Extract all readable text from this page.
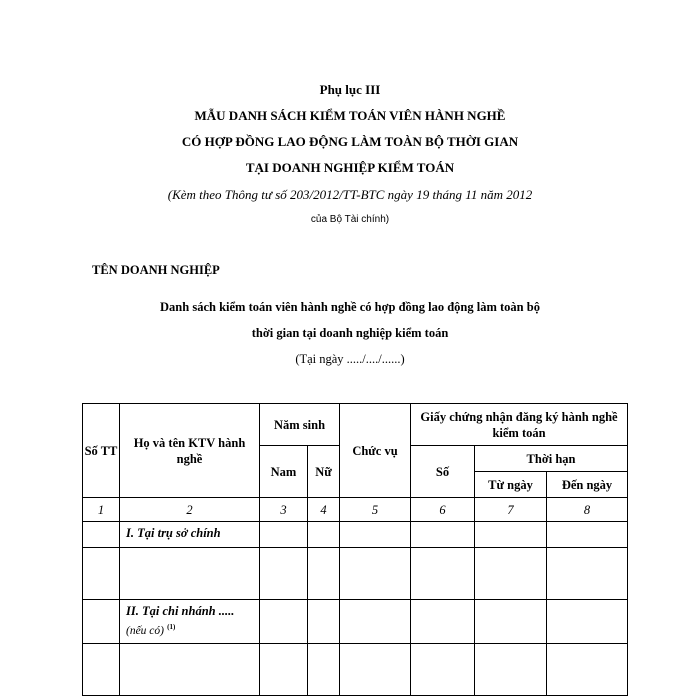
Phụ lục III
MẪU DANH SÁCH KIỂM TOÁN VIÊN HÀNH NGHỀ
CÓ HỢP ĐỒNG LAO ĐỘNG LÀM TOÀN BỘ THỜI GIAN
TẠI DOANH NGHIỆP KIỂM TOÁN
(Kèm theo Thông tư số 203/2012/TT-BTC ngày 19 tháng 11 năm 2012
của Bộ Tài chính)
TÊN DOANH NGHIỆP
Danh sách kiểm toán viên hành nghề có hợp đồng lao động làm toàn bộ
thời gian tại doanh nghiệp kiểm toán
(Tại ngày ...../..../......)
Số TT	Họ và tên KTV hành nghề	Năm sinh		Chức vụ	Giấy chứng nhận đăng ký hành nghề kiểm toán		
		Nam	Nữ		Số	Thời hạn	
						Từ ngày	Đến ngày
1	2	3	4	5	6	7	8
	I. Tại trụ sở chính						

	II. Tại chi nhánh .....
(nếu có) $^{(1)}$						
